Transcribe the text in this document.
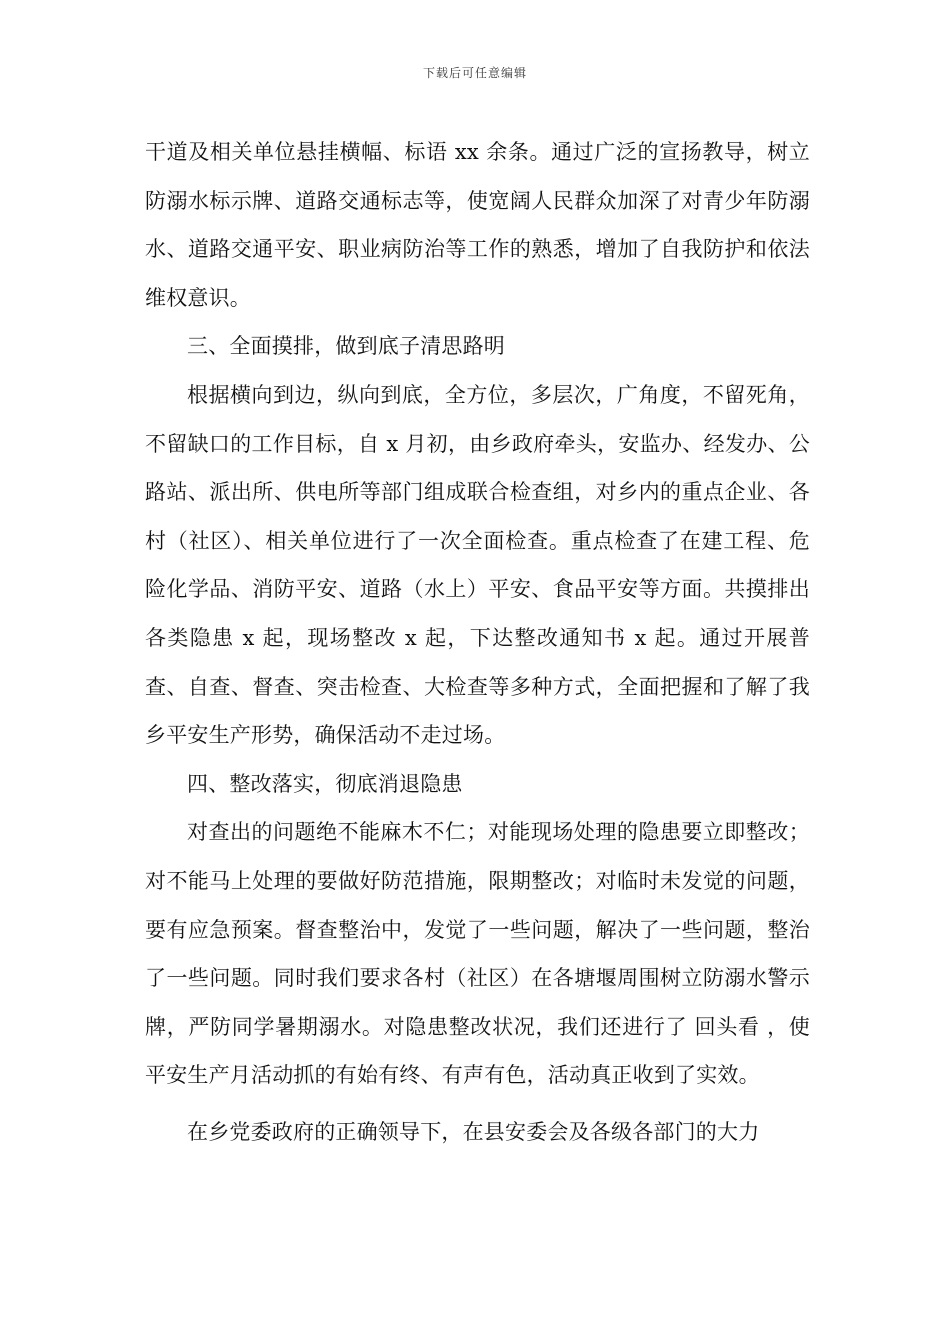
下载后可任意编辑

干道及相关单位悬挂横幅、标语 xx 余条。通过广泛的宣扬教导，树立防溺水标示牌、道路交通标志等，使宽阔人民群众加深了对青少年防溺水、道路交通平安、职业病防治等工作的熟悉，增加了自我防护和依法维权意识。

三、全面摸排，做到底子清思路明

根据横向到边，纵向到底，全方位，多层次，广角度，不留死角，不留缺口的工作目标，自 x 月初，由乡政府牵头，安监办、经发办、公路站、派出所、供电所等部门组成联合检查组，对乡内的重点企业、各村（社区）、相关单位进行了一次全面检查。重点检查了在建工程、危险化学品、消防平安、道路（水上）平安、食品平安等方面。共摸排出各类隐患 x 起，现场整改 x 起，下达整改通知书 x 起。通过开展普查、自查、督查、突击检查、大检查等多种方式，全面把握和了解了我乡平安生产形势，确保活动不走过场。

四、整改落实，彻底消退隐患

对查出的问题绝不能麻木不仁；对能现场处理的隐患要立即整改；对不能马上处理的要做好防范措施，限期整改；对临时未发觉的问题，要有应急预案。督查整治中，发觉了一些问题，解决了一些问题，整治了一些问题。同时我们要求各村（社区）在各塘堰周围树立防溺水警示牌，严防同学暑期溺水。对隐患整改状况，我们还进行了 回头看 ，使平安生产月活动抓的有始有终、有声有色，活动真正收到了实效。

在乡党委政府的正确领导下，在县安委会及各级各部门的大力
